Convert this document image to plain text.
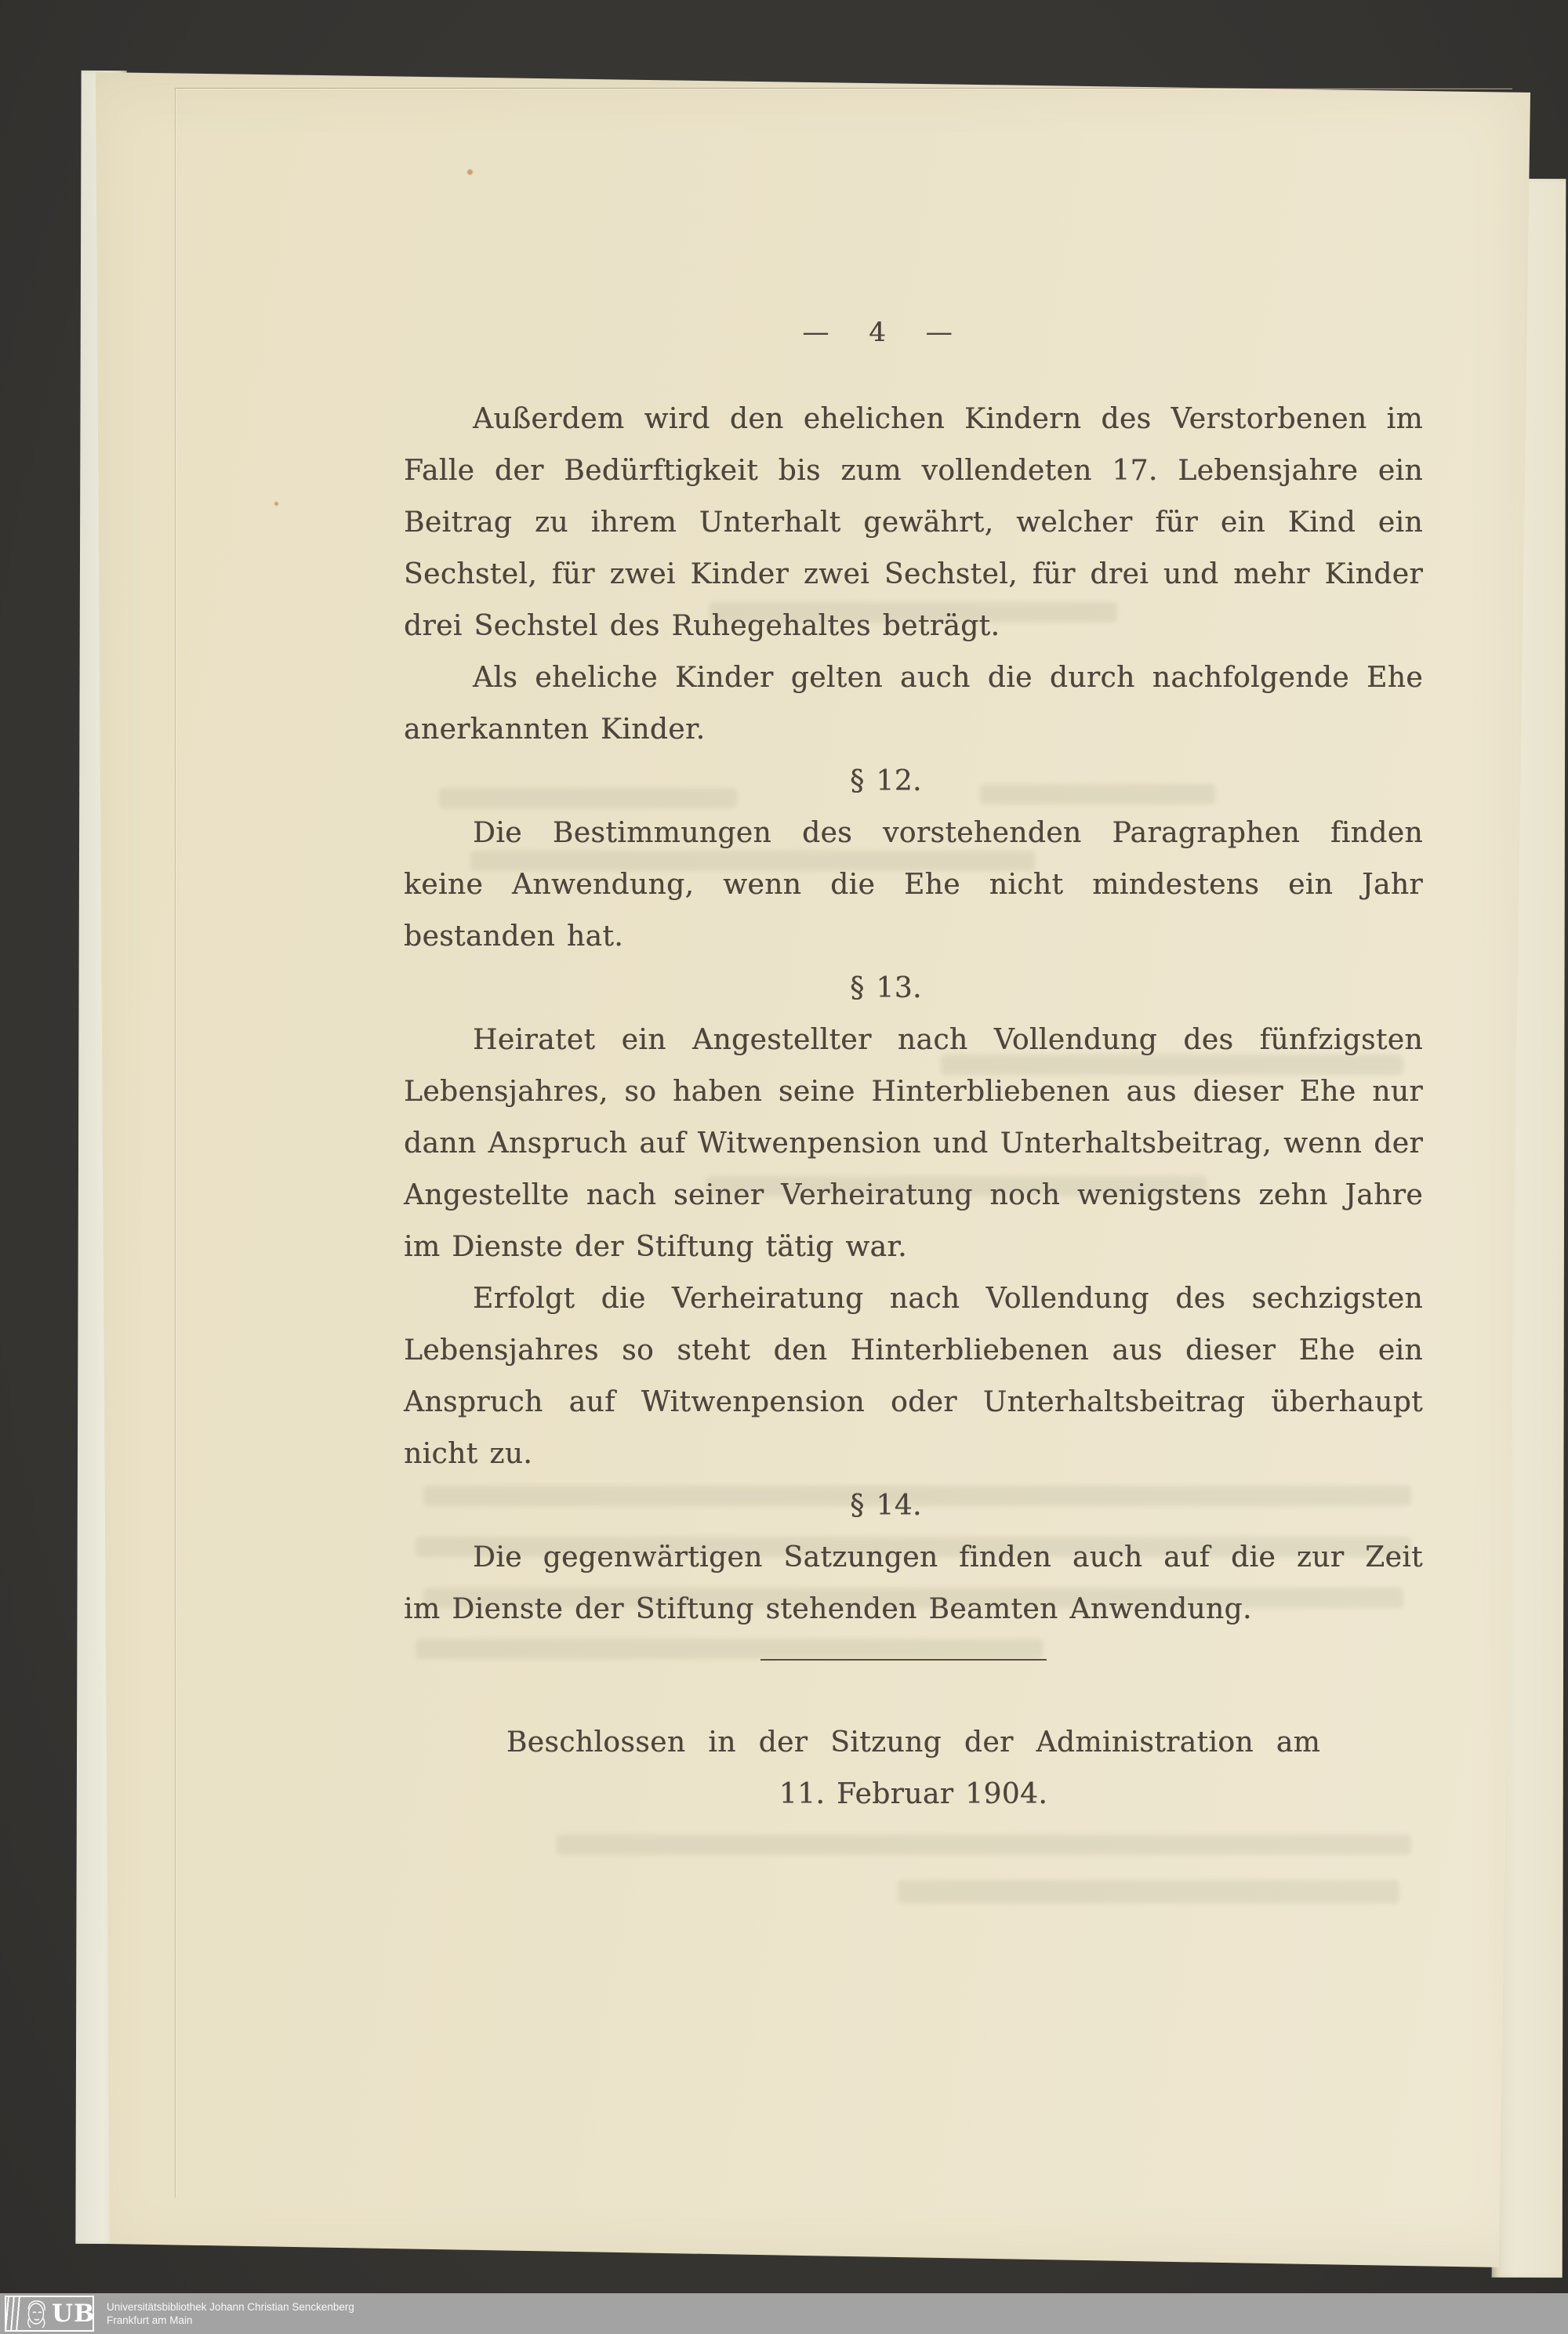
— 4 —
Außerdem wird den ehelichen Kindern des Verstorbenen im
Falle der Bedürftigkeit bis zum vollendeten 17. Lebensjahre ein
Beitrag zu ihrem Unterhalt gewährt, welcher für ein Kind ein
Sechstel, für zwei Kinder zwei Sechstel, für drei und mehr Kinder
drei Sechstel des Ruhegehaltes beträgt.
Als eheliche Kinder gelten auch die durch nachfolgende Ehe
anerkannten Kinder.
§ 12.
Die Bestimmungen des vorstehenden Paragraphen finden
keine Anwendung, wenn die Ehe nicht mindestens ein Jahr
bestanden hat.
§ 13.
Heiratet ein Angestellter nach Vollendung des fünfzigsten
Lebensjahres, so haben seine Hinterbliebenen aus dieser Ehe nur
dann Anspruch auf Witwenpension und Unterhaltsbeitrag, wenn der
Angestellte nach seiner Verheiratung noch wenigstens zehn Jahre
im Dienste der Stiftung tätig war.
Erfolgt die Verheiratung nach Vollendung des sechzigsten
Lebensjahres so steht den Hinterbliebenen aus dieser Ehe ein
Anspruch auf Witwenpension oder Unterhaltsbeitrag überhaupt
nicht zu.
§ 14.
Die gegenwärtigen Satzungen finden auch auf die zur Zeit
im Dienste der Stiftung stehenden Beamten Anwendung.
Beschlossen in der Sitzung der Administration am
11. Februar 1904.
UB Universitätsbibliothek Johann Christian Senckenberg
Frankfurt am Main
